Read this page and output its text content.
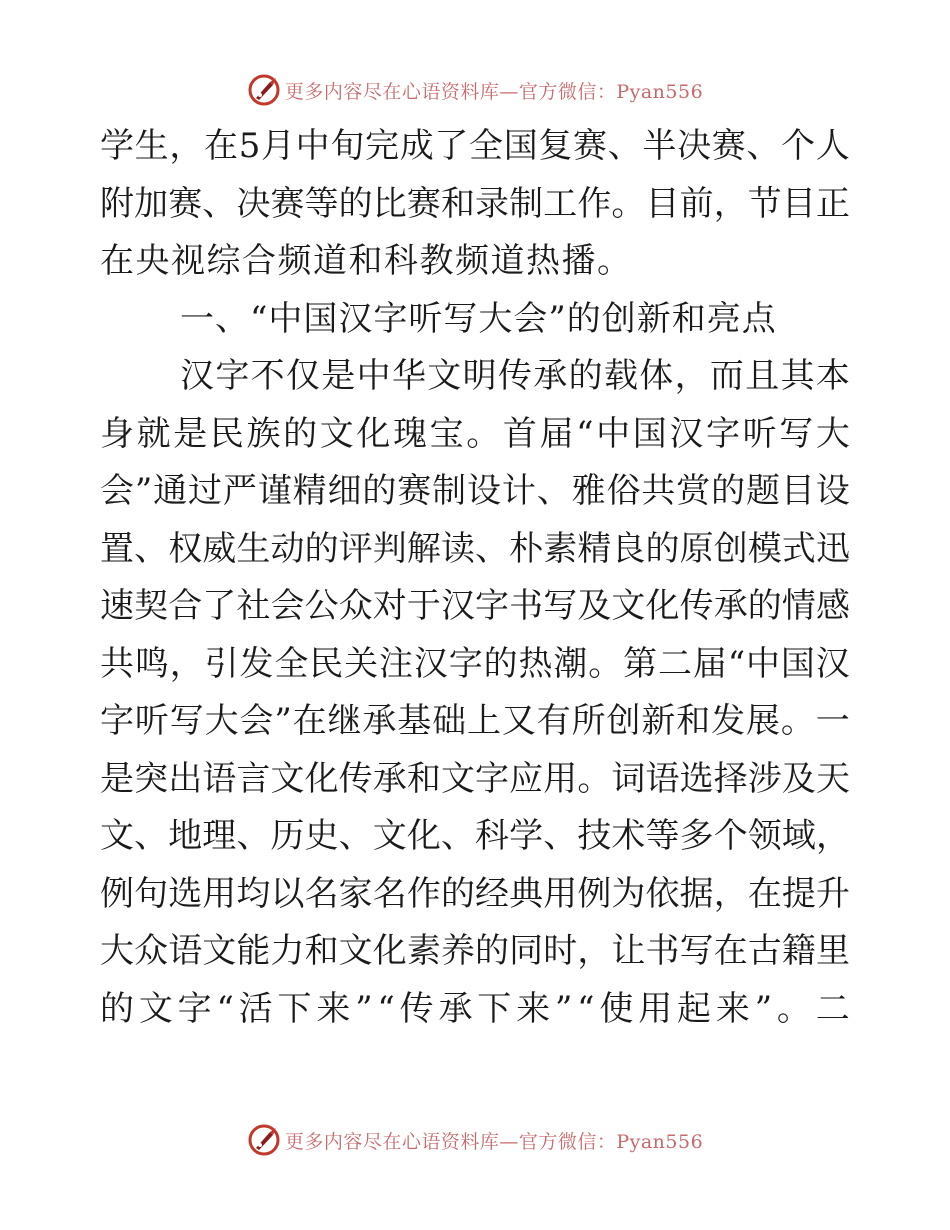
更多内容尽在心语资料库—官方微信：Pyan556
学 生 ， 在 5 月 中 旬 完 成 了 全 国 复 赛 、 半 决 赛 、 个 人
附 加 赛 、 决 赛 等 的 比 赛 和 录 制 工 作 。 目 前 ， 节 目 正
在央视综合频道和科教频道热播。
一、“中国汉字听写大会”的创新和亮点
汉 字 不 仅 是 中 华 文 明 传 承 的 载 体 ， 而 且 其 本
身 就 是 民 族 的 文 化 瑰 宝 。 首 届 “ 中 国 汉 字 听 写 大
会 ” 通 过 严 谨 精 细 的 赛 制 设 计 、 雅 俗 共 赏 的 题 目 设
置 、 权 威 生 动 的 评 判 解 读 、 朴 素 精 良 的 原 创 模 式 迅
速 契 合 了 社 会 公 众 对 于 汉 字 书 写 及 文 化 传 承 的 情 感
共 鸣 ， 引 发 全 民 关 注 汉 字 的 热 潮 。 第 二 届 “ 中 国 汉
字 听 写 大 会 ” 在 继 承 基 础 上 又 有 所 创 新 和 发 展 。 一
是 突 出 语 言 文 化 传 承 和 文 字 应 用 。 词 语 选 择 涉 及 天
文 、 地 理 、 历 史 、 文 化 、 科 学 、 技 术 等 多 个 领 域 ，
例 句 选 用 均 以 名 家 名 作 的 经 典 用 例 为 依 据 ， 在 提 升
大 众 语 文 能 力 和 文 化 素 养 的 同 时 ， 让 书 写 在 古 籍 里
的 文 字 “ 活 下 来 ” “ 传 承 下 来 ” “ 使 用 起 来 ” 。 二
更多内容尽在心语资料库—官方微信：Pyan556
